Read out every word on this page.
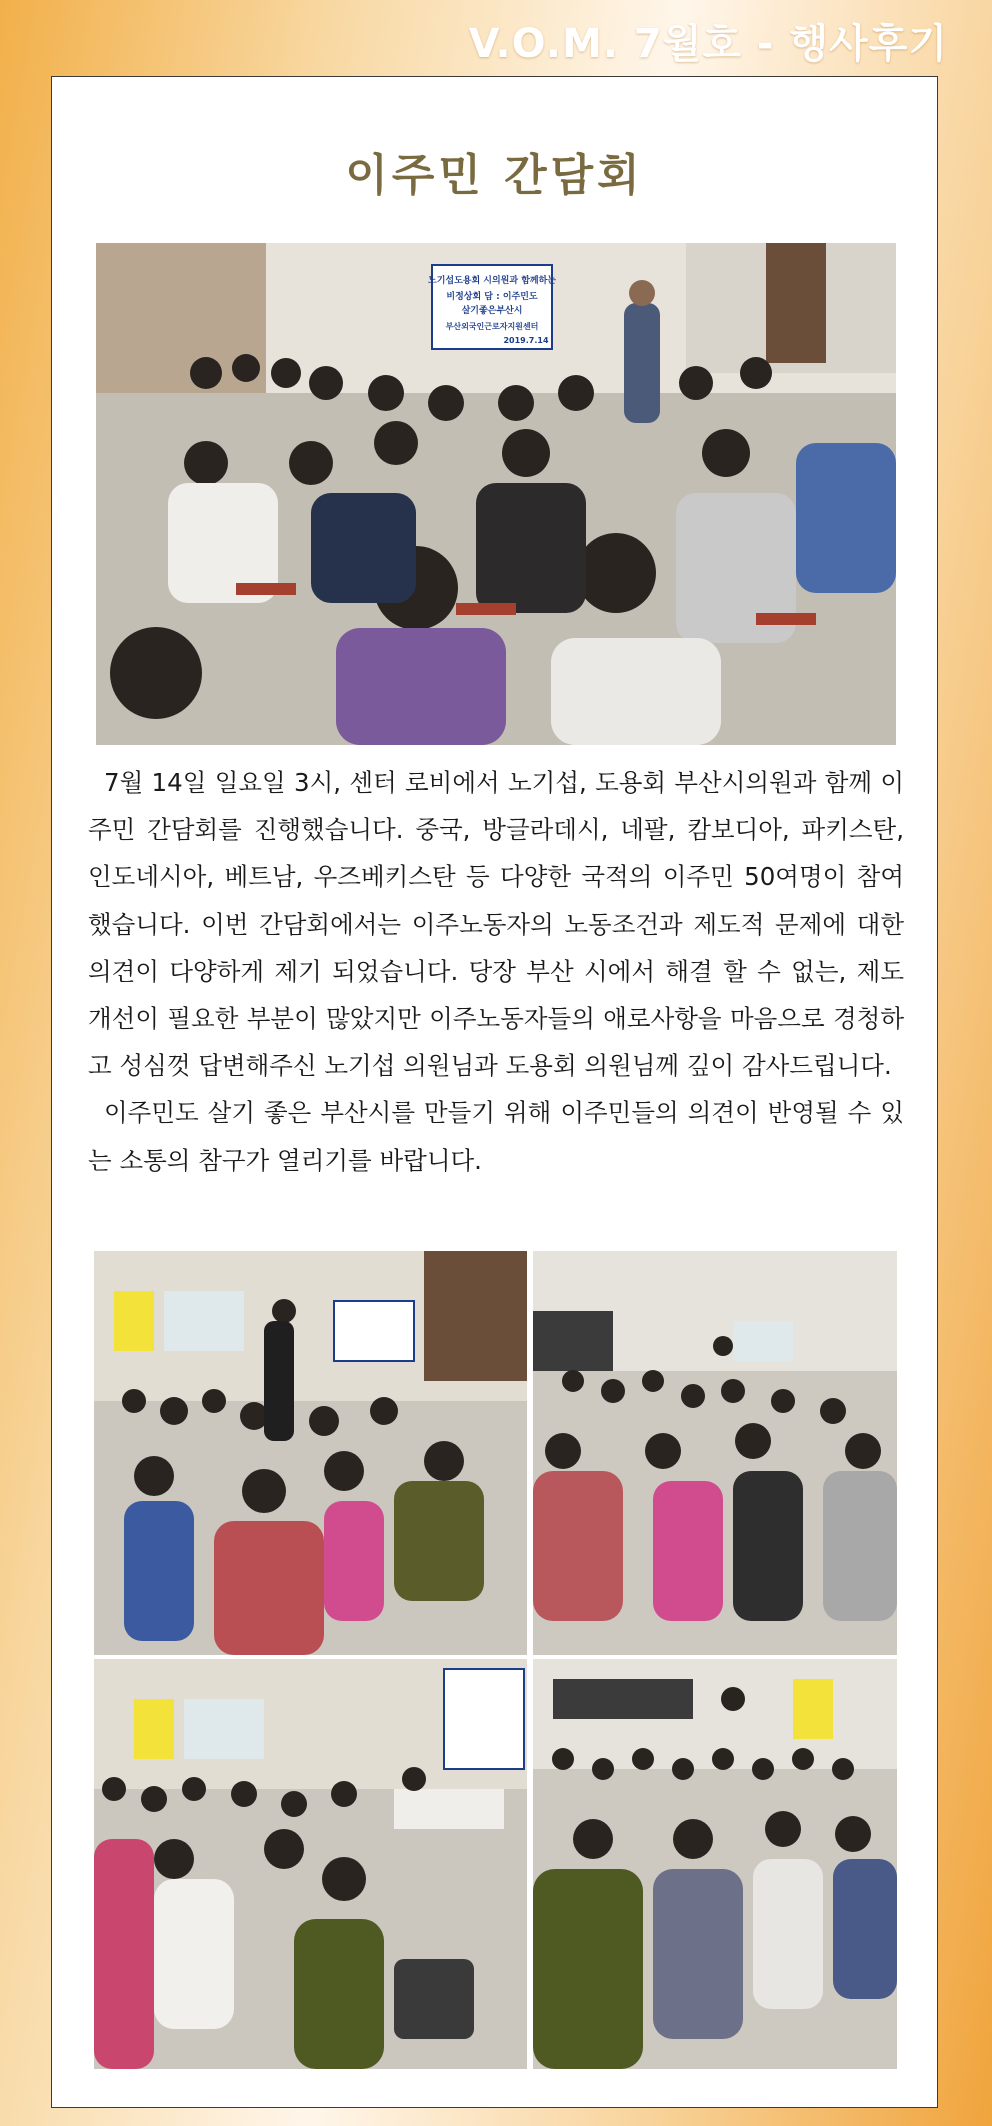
V.O.M. 7월호 - 행사후기
이주민 간담회
노기섭도용회 시의원과 함께하는
비정상회 담 : 이주민도
살기좋은부산시
부산외국인근로자지원센터
2019.7.14

7월 14일 일요일 3시, 센터 로비에서 노기섭, 도용회 부산시의원과 함께 이주민 간담회를 진행했습니다. 중국, 방글라데시, 네팔, 캄보디아, 파키스탄, 인도네시아, 베트남, 우즈베키스탄 등 다양한 국적의 이주민 50여명이 참여했습니다. 이번 간담회에서는 이주노동자의 노동조건과 제도적 문제에 대한 의견이 다양하게 제기 되었습니다. 당장 부산 시에서 해결 할 수 없는, 제도 개선이 필요한 부분이 많았지만 이주노동자들의 애로사항을 마음으로 경청하고 성심껏 답변해주신 노기섭 의원님과 도용회 의원님께 깊이 감사드립니다.

이주민도 살기 좋은 부산시를 만들기 위해 이주민들의 의견이 반영될 수 있는 소통의 참구가 열리기를 바랍니다.
